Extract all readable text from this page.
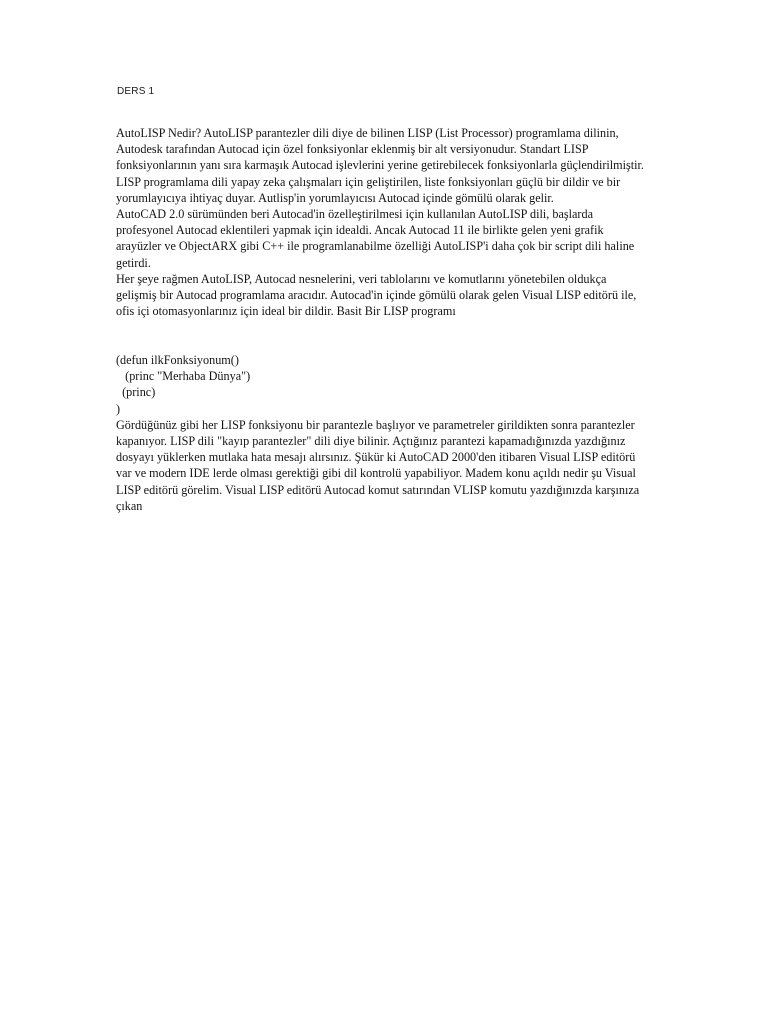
DERS 1

AutoLISP Nedir? AutoLISP parantezler dili diye de bilinen LISP (List Processor) programlama dilinin, Autodesk tarafından Autocad için özel fonksiyonlar eklenmiş bir alt versiyonudur. Standart LISP fonksiyonlarının yanı sıra karmaşık Autocad işlevlerini yerine getirebilecek fonksiyonlarla güçlendirilmiştir. LISP programlama dili yapay zeka çalışmaları için geliştirilen, liste fonksiyonları güçlü bir dildir ve bir yorumlayıcıya ihtiyaç duyar. Autlisp'in yorumlayıcısı Autocad içinde gömülü olarak gelir.

AutoCAD 2.0 sürümünden beri Autocad'in özelleştirilmesi için kullanılan AutoLISP dili, başlarda profesyonel Autocad eklentileri yapmak için idealdi. Ancak Autocad 11 ile birlikte gelen yeni grafik arayüzler ve ObjectARX gibi C++ ile programlanabilme özelliği AutoLISP'i daha çok bir script dili haline getirdi.

Her şeye rağmen AutoLISP, Autocad nesnelerini, veri tablolarını ve komutlarını yönetebilen oldukça gelişmiş bir Autocad programlama aracıdır. Autocad'in içinde gömülü olarak gelen Visual LISP editörü ile, ofis içi otomasyonlarınız için ideal bir dildir. Basit Bir LISP programı

(defun ilkFonksiyonum()
(princ "Merhaba Dünya")
(princ)
)

Gördüğünüz gibi her LISP fonksiyonu bir parantezle başlıyor ve parametreler girildikten sonra parantezler kapanıyor. LISP dili "kayıp parantezler" dili diye bilinir. Açtığınız parantezi kapamadığınızda yazdığınız dosyayı yüklerken mutlaka hata mesajı alırsınız. Şükür ki AutoCAD 2000'den itibaren Visual LISP editörü var ve modern IDE lerde olması gerektiği gibi dil kontrolü yapabiliyor. Madem konu açıldı nedir şu Visual LISP editörü görelim. Visual LISP editörü Autocad komut satırından VLISP komutu yazdığınızda karşınıza çıkan
